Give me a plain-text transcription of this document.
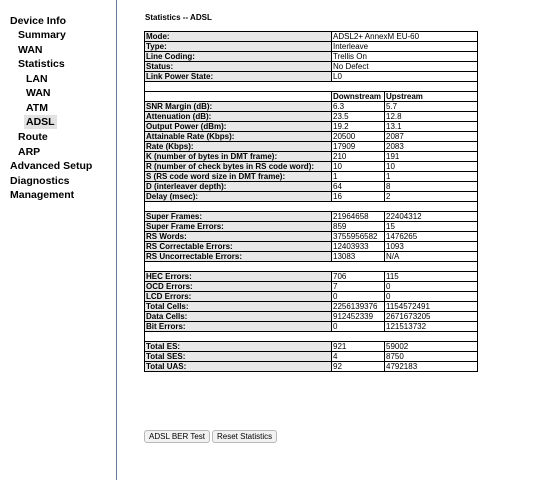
Device Info
Summary
WAN
Statistics
LAN
WAN
ATM
ADSL
Route
ARP
Advanced Setup
Diagnostics
Management
Statistics -- ADSL
Mode:	ADSL2+ AnnexM EU-60	
Type:	Interleave	
Line Coding:	Trellis On	
Status:	No Defect	
Link Power State:	L0	

	Downstream	Upstream
SNR Margin (dB):	6.3	5.7
Attenuation (dB):	23.5	12.8
Output Power (dBm):	19.2	13.1
Attainable Rate (Kbps):	20500	2087
Rate (Kbps):	17909	2083
K (number of bytes in DMT frame):	210	191
R (number of check bytes in RS code word):	10	10
S (RS code word size in DMT frame):	1	1
D (interleaver depth):	64	8
Delay (msec):	16	2

Super Frames:	21964658	22404312
Super Frame Errors:	859	15
RS Words:	3755956582	1476265
RS Correctable Errors:	12403933	1093
RS Uncorrectable Errors:	13083	N/A

HEC Errors:	706	115
OCD Errors:	7	0
LCD Errors:	0	0
Total Cells:	2256139376	1154572491
Data Cells:	912452339	2671673205
Bit Errors:	0	121513732

Total ES:	921	59002
Total SES:	4	8750
Total UAS:	92	4792183
ADSL BER Test	Reset Statistics
